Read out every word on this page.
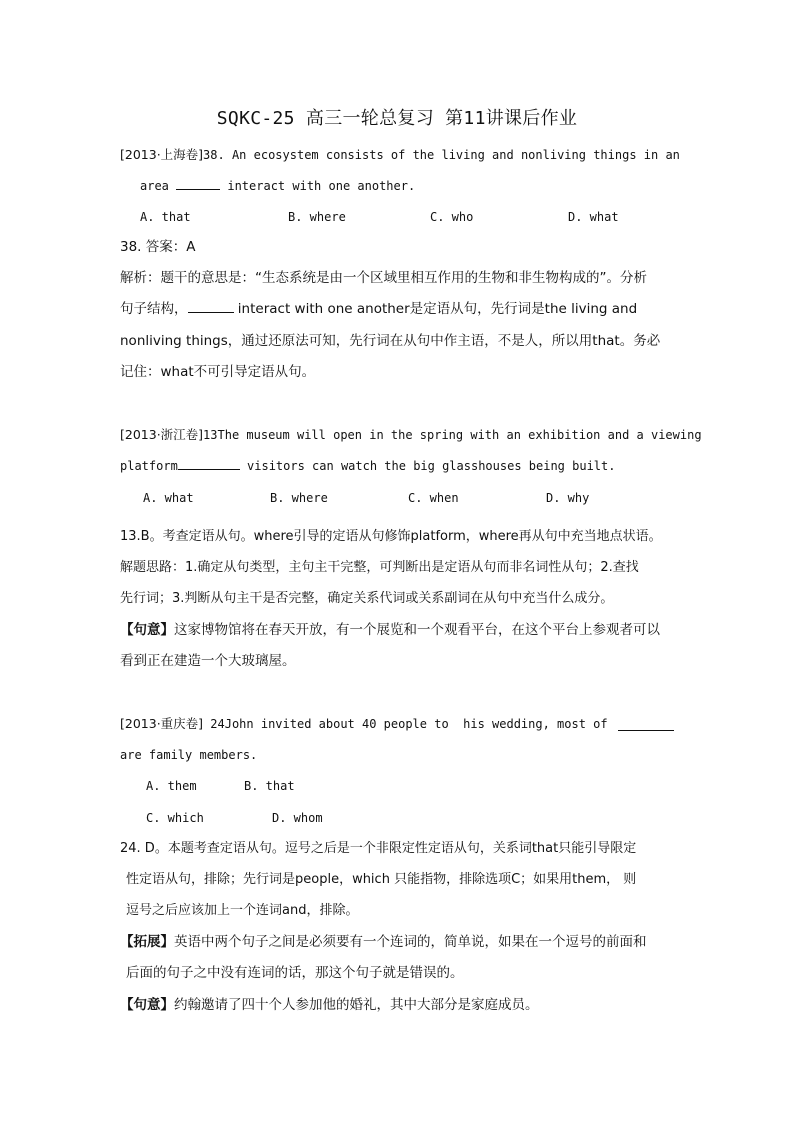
SQKC-25 高三一轮总复习 第11讲课后作业
[2013·上海卷] 38. An ecosystem consists of the living and nonliving things in an
area	interact with one another.
A. that	B. where	C. who	D. what
38. 答案：A
解析：题干的意思是：“生态系统是由一个区域里相互作用的生物和非生物构成的”。分析
句子结构，	interact with one another是定语从句，先行词是the living and
nonliving things，通过还原法可知，先行词在从句中作主语，不是人，所以用that。务必
记住：what不可引导定语从句。
[2013·浙江卷]13The museum will open in the spring with an exhibition and a viewing
platform	visitors can watch the big glasshouses being built.
A. what	B. where	C. when	D. why
13.B。考查定语从句。where引导的定语从句修饰platform，where再从句中充当地点状语。
解题思路：1.确定从句类型，主句主干完整，可判断出是定语从句而非名词性从句；2.查找
先行词；3.判断从句主干是否完整，确定关系代词或关系副词在从句中充当什么成分。
【句意】这家博物馆将在春天开放，有一个展览和一个观看平台，在这个平台上参观者可以
看到正在建造一个大玻璃屋。
[2013·重庆卷] 24John invited about 40 people to  his wedding, most of
are family members.
A. them	B. that
C. which	D. whom
24. D。本题考查定语从句。逗号之后是一个非限定性定语从句，关系词that只能引导限定
性定语从句，排除；先行词是people，which 只能指物，排除选项C；如果用them， 则
逗号之后应该加上一个连词and，排除。
【拓展】英语中两个句子之间是必须要有一个连词的，简单说，如果在一个逗号的前面和
后面的句子之中没有连词的话，那这个句子就是错误的。
【句意】约翰邀请了四十个人参加他的婚礼，其中大部分是家庭成员。
